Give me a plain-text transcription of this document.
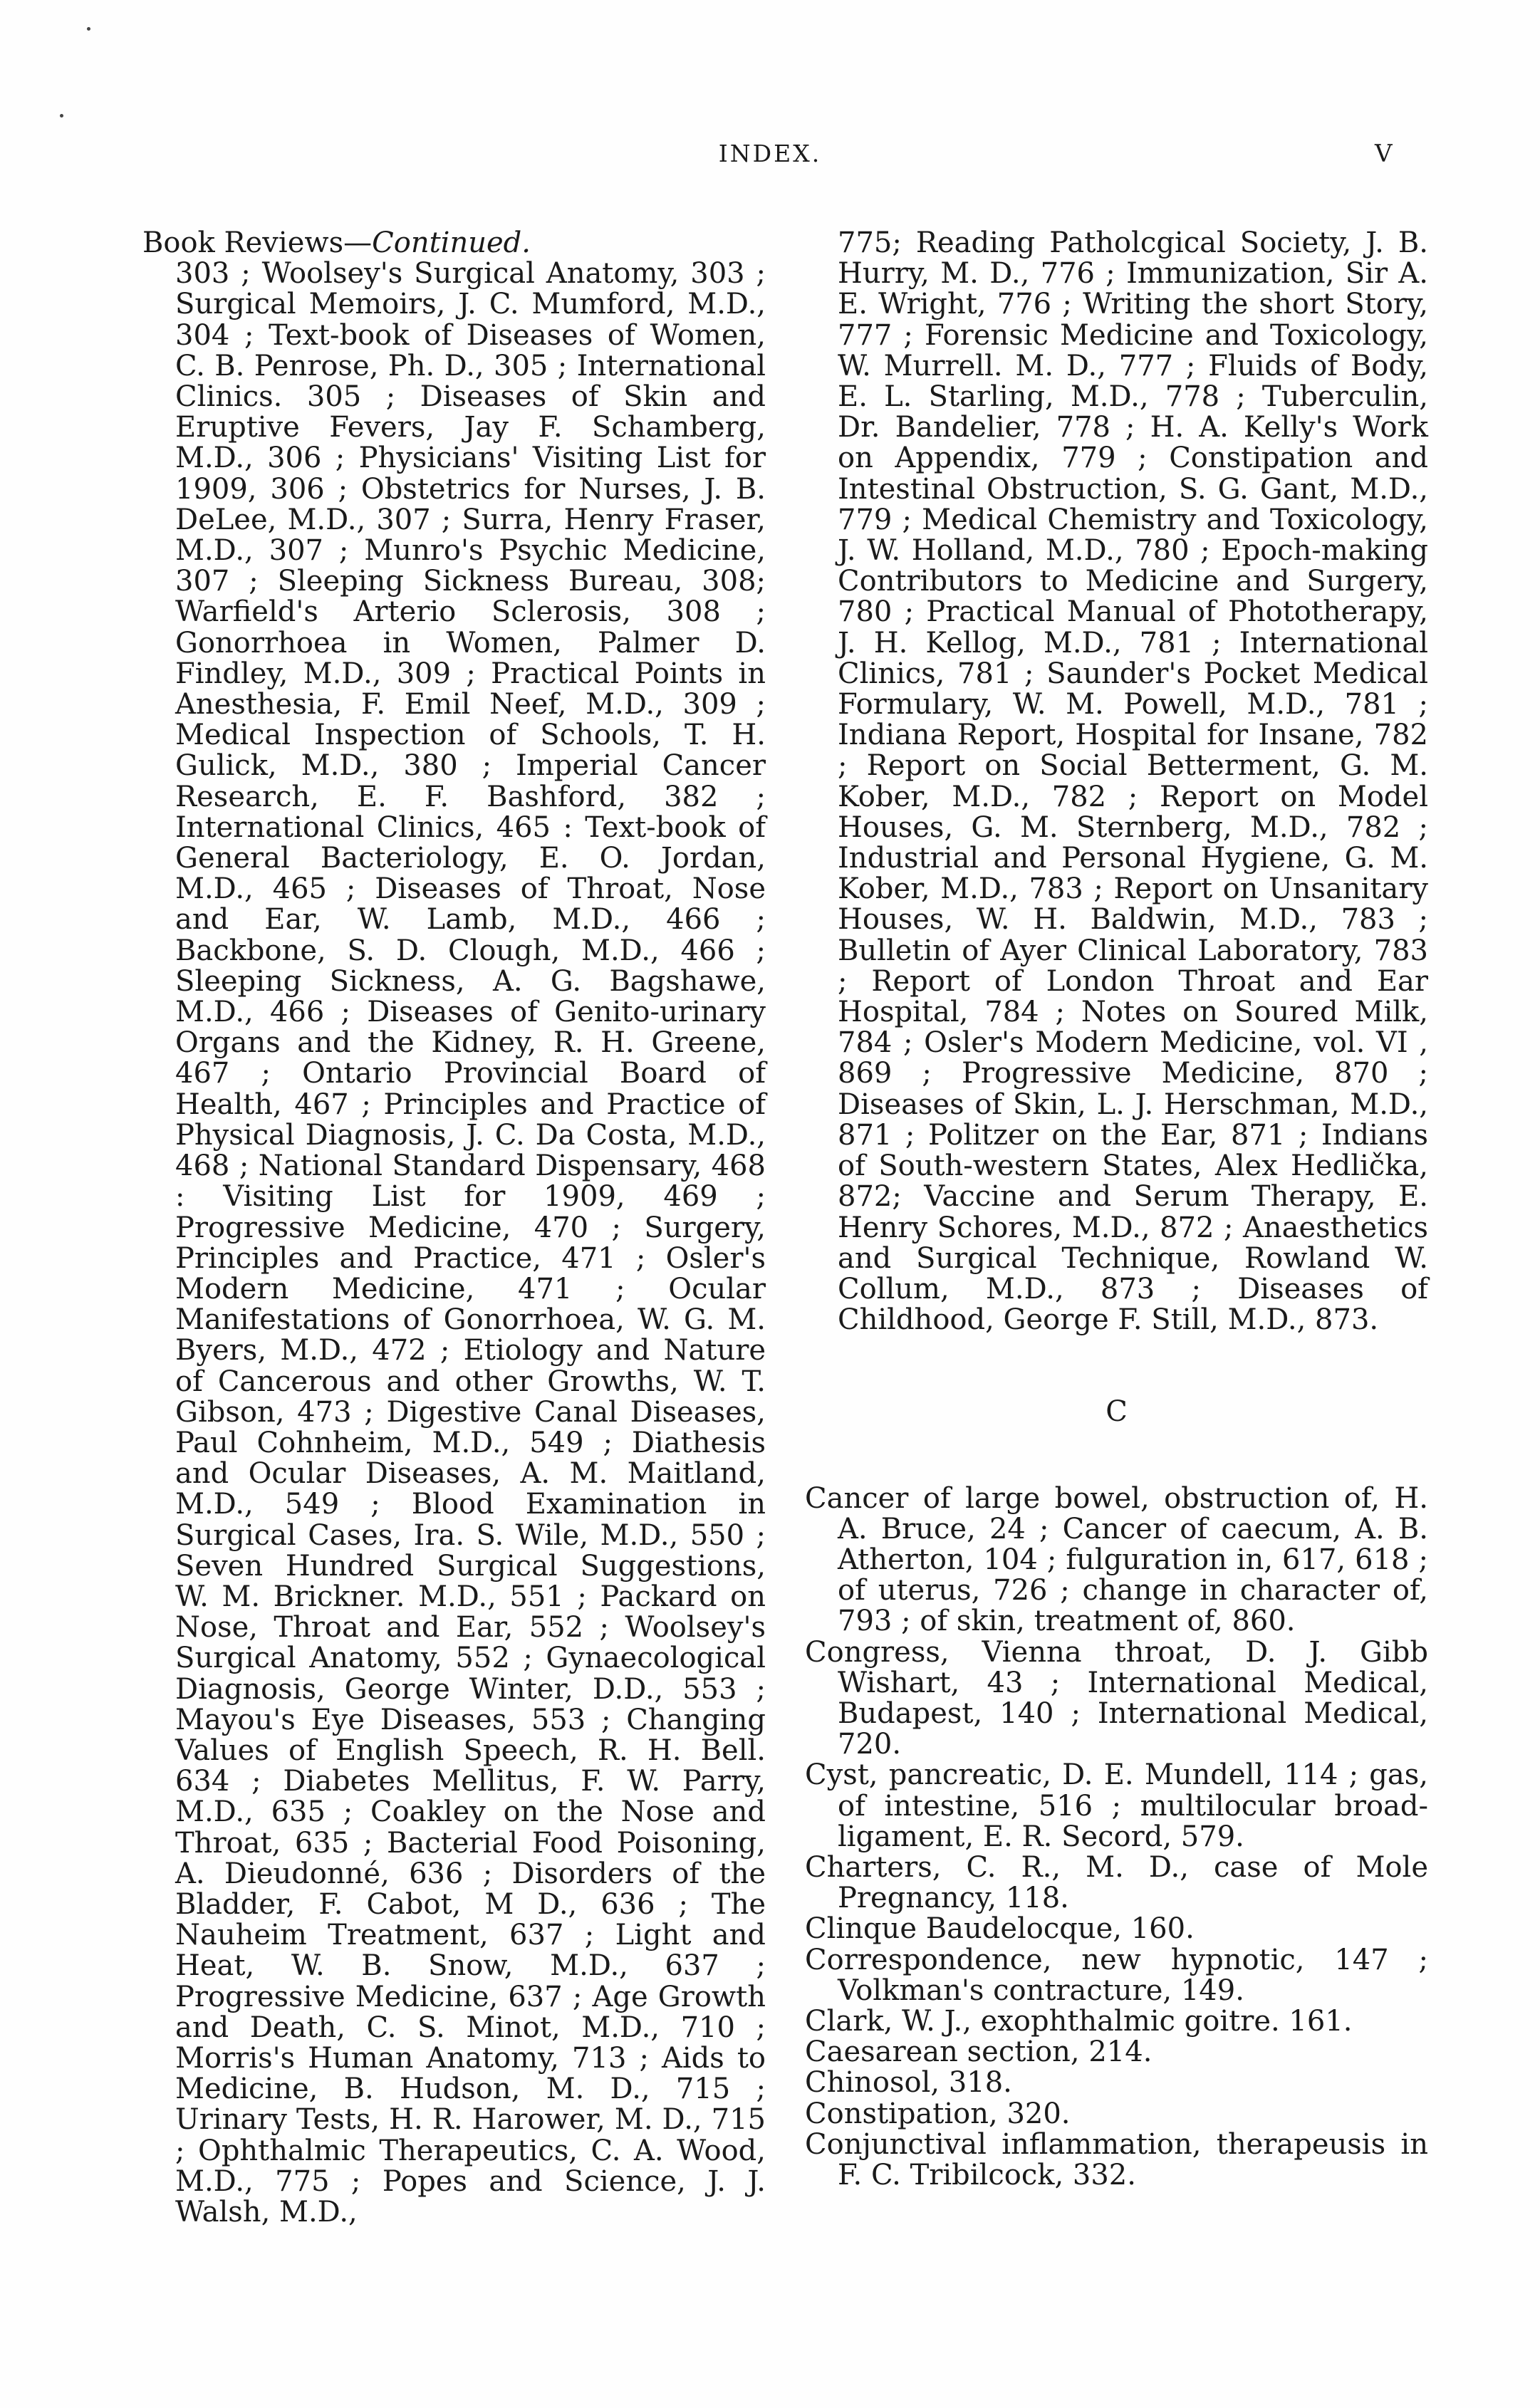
INDEX.	V

Book Reviews—Continued.
303 ; Woolsey's Surgical Anatomy, 303 ; Surgical Memoirs, J. C. Mumford, M.D., 304 ; Text-book of Diseases of Women, C. B. Penrose, Ph. D., 305 ; International Clinics. 305 ; Diseases of Skin and Eruptive Fevers, Jay F. Schamberg, M.D., 306 ; Physicians' Visiting List for 1909, 306 ; Obstetrics for Nurses, J. B. DeLee, M.D., 307 ; Surra, Henry Fraser, M.D., 307 ; Munro's Psychic Medicine, 307 ; Sleeping Sickness Bureau, 308; Warfield's Arterio Sclerosis, 308 ; Gonorrhoea in Women, Palmer D. Findley, M.D., 309 ; Practical Points in Anesthesia, F. Emil Neef, M.D., 309 ; Medical Inspection of Schools, T. H. Gulick, M.D., 380 ; Imperial Cancer Research, E. F. Bashford, 382 ; International Clinics, 465 : Text-book of General Bacteriology, E. O. Jordan, M.D., 465 ; Diseases of Throat, Nose and Ear, W. Lamb, M.D., 466 ; Backbone, S. D. Clough, M.D., 466 ; Sleeping Sickness, A. G. Bagshawe, M.D., 466 ; Diseases of Genito-urinary Organs and the Kidney, R. H. Greene, 467 ; Ontario Provincial Board of Health, 467 ; Principles and Practice of Physical Diagnosis, J. C. Da Costa, M.D., 468 ; National Standard Dispensary, 468 : Visiting List for 1909, 469 ; Progressive Medicine, 470 ; Surgery, Principles and Practice, 471 ; Osler's Modern Medicine, 471 ; Ocular Manifestations of Gonorrhoea, W. G. M. Byers, M.D., 472 ; Etiology and Nature of Cancerous and other Growths, W. T. Gibson, 473 ; Digestive Canal Diseases, Paul Cohnheim, M.D., 549 ; Diathesis and Ocular Diseases, A. M. Maitland, M.D., 549 ; Blood Examination in Surgical Cases, Ira. S. Wile, M.D., 550 ; Seven Hundred Surgical Suggestions, W. M. Brickner. M.D., 551 ; Packard on Nose, Throat and Ear, 552 ; Woolsey's Surgical Anatomy, 552 ; Gynaecological Diagnosis, George Winter, D.D., 553 ; Mayou's Eye Diseases, 553 ; Changing Values of English Speech, R. H. Bell. 634 ; Diabetes Mellitus, F. W. Parry, M.D., 635 ; Coakley on the Nose and Throat, 635 ; Bacterial Food Poisoning, A. Dieudonné, 636 ; Disorders of the Bladder, F. Cabot, M D., 636 ; The Nauheim Treatment, 637 ; Light and Heat, W. B. Snow, M.D., 637 ; Progressive Medicine, 637 ; Age Growth and Death, C. S. Minot, M.D., 710 ; Morris's Human Anatomy, 713 ; Aids to Medicine, B. Hudson, M. D., 715 ; Urinary Tests, H. R. Harower, M. D., 715 ; Ophthalmic Therapeutics, C. A. Wood, M.D., 775 ; Popes and Science, J. J. Walsh, M.D.,

775; Reading Patholcgical Society, J. B. Hurry, M. D., 776 ; Immunization, Sir A. E. Wright, 776 ; Writing the short Story, 777 ; Forensic Medicine and Toxicology, W. Murrell. M. D., 777 ; Fluids of Body, E. L. Starling, M.D., 778 ; Tuberculin, Dr. Bandelier, 778 ; H. A. Kelly's Work on Appendix, 779 ; Constipation and Intestinal Obstruction, S. G. Gant, M.D., 779 ; Medical Chemistry and Toxicology, J. W. Holland, M.D., 780 ; Epoch-making Contributors to Medicine and Surgery, 780 ; Practical Manual of Phototherapy, J. H. Kellog, M.D., 781 ; International Clinics, 781 ; Saunder's Pocket Medical Formulary, W. M. Powell, M.D., 781 ; Indiana Report, Hospital for Insane, 782 ; Report on Social Betterment, G. M. Kober, M.D., 782 ; Report on Model Houses, G. M. Sternberg, M.D., 782 ; Industrial and Personal Hygiene, G. M. Kober, M.D., 783 ; Report on Unsanitary Houses, W. H. Baldwin, M.D., 783 ; Bulletin of Ayer Clinical Laboratory, 783 ; Report of London Throat and Ear Hospital, 784 ; Notes on Soured Milk, 784 ; Osler's Modern Medicine, vol. VI , 869 ; Progressive Medicine, 870 ; Diseases of Skin, L. J. Herschman, M.D., 871 ; Politzer on the Ear, 871 ; Indians of South-western States, Alex Hedlička, 872; Vaccine and Serum Therapy, E. Henry Schores, M.D., 872 ; Anaesthetics and Surgical Technique, Rowland W. Collum, M.D., 873 ; Diseases of Childhood, George F. Still, M.D., 873.

C

Cancer of large bowel, obstruction of, H. A. Bruce, 24 ; Cancer of caecum, A. B. Atherton, 104 ; fulguration in, 617, 618 ; of uterus, 726 ; change in character of, 793 ; of skin, treatment of, 860.

Congress, Vienna throat, D. J. Gibb Wishart, 43 ; International Medical, Budapest, 140 ; International Medical, 720.

Cyst, pancreatic, D. E. Mundell, 114 ; gas, of intestine, 516 ; multilocular broad-ligament, E. R. Secord, 579.

Charters, C. R., M. D., case of Mole Pregnancy, 118.

Clinque Baudelocque, 160.

Correspondence, new hypnotic, 147 ; Volkman's contracture, 149.

Clark, W. J., exophthalmic goitre. 161.

Caesarean section, 214.

Chinosol, 318.

Constipation, 320.

Conjunctival inflammation, therapeusis in F. C. Tribilcock, 332.
